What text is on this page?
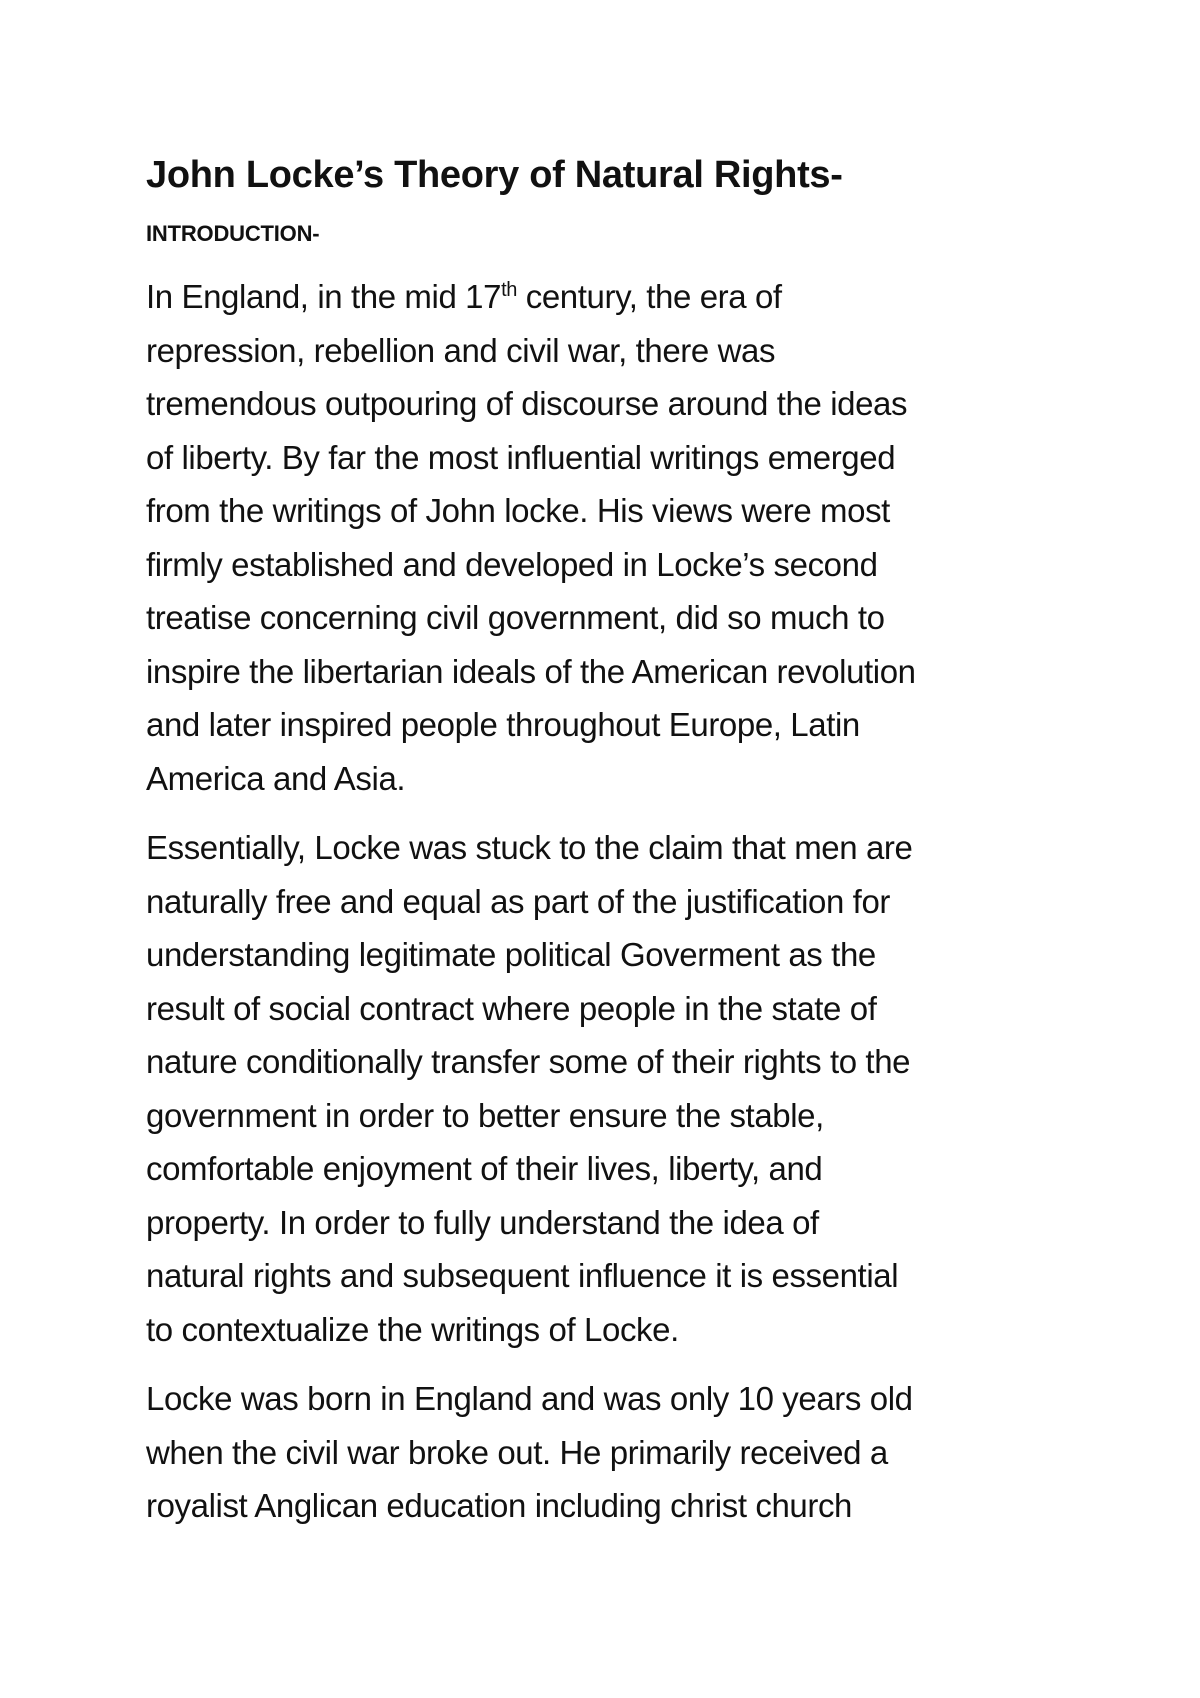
John Locke’s Theory of Natural Rights-
INTRODUCTION-
In England, in the mid 17th century, the era of
repression, rebellion and civil war, there was
tremendous outpouring of discourse around the ideas
of liberty. By far the most influential writings emerged
from the writings of John locke. His views were most
firmly established and developed in Locke’s second
treatise concerning civil government, did so much to
inspire the libertarian ideals of the American revolution
and later inspired people throughout Europe, Latin
America and Asia.
Essentially, Locke was stuck to the claim that men are
naturally free and equal as part of the justification for
understanding legitimate political Goverment as the
result of social contract where people in the state of
nature conditionally transfer some of their rights to the
government in order to better ensure the stable,
comfortable enjoyment of their lives, liberty, and
property. In order to fully understand the idea of
natural rights and subsequent influence it is essential
to contextualize the writings of Locke.
Locke was born in England and was only 10 years old
when the civil war broke out. He primarily received a
royalist Anglican education including christ church
